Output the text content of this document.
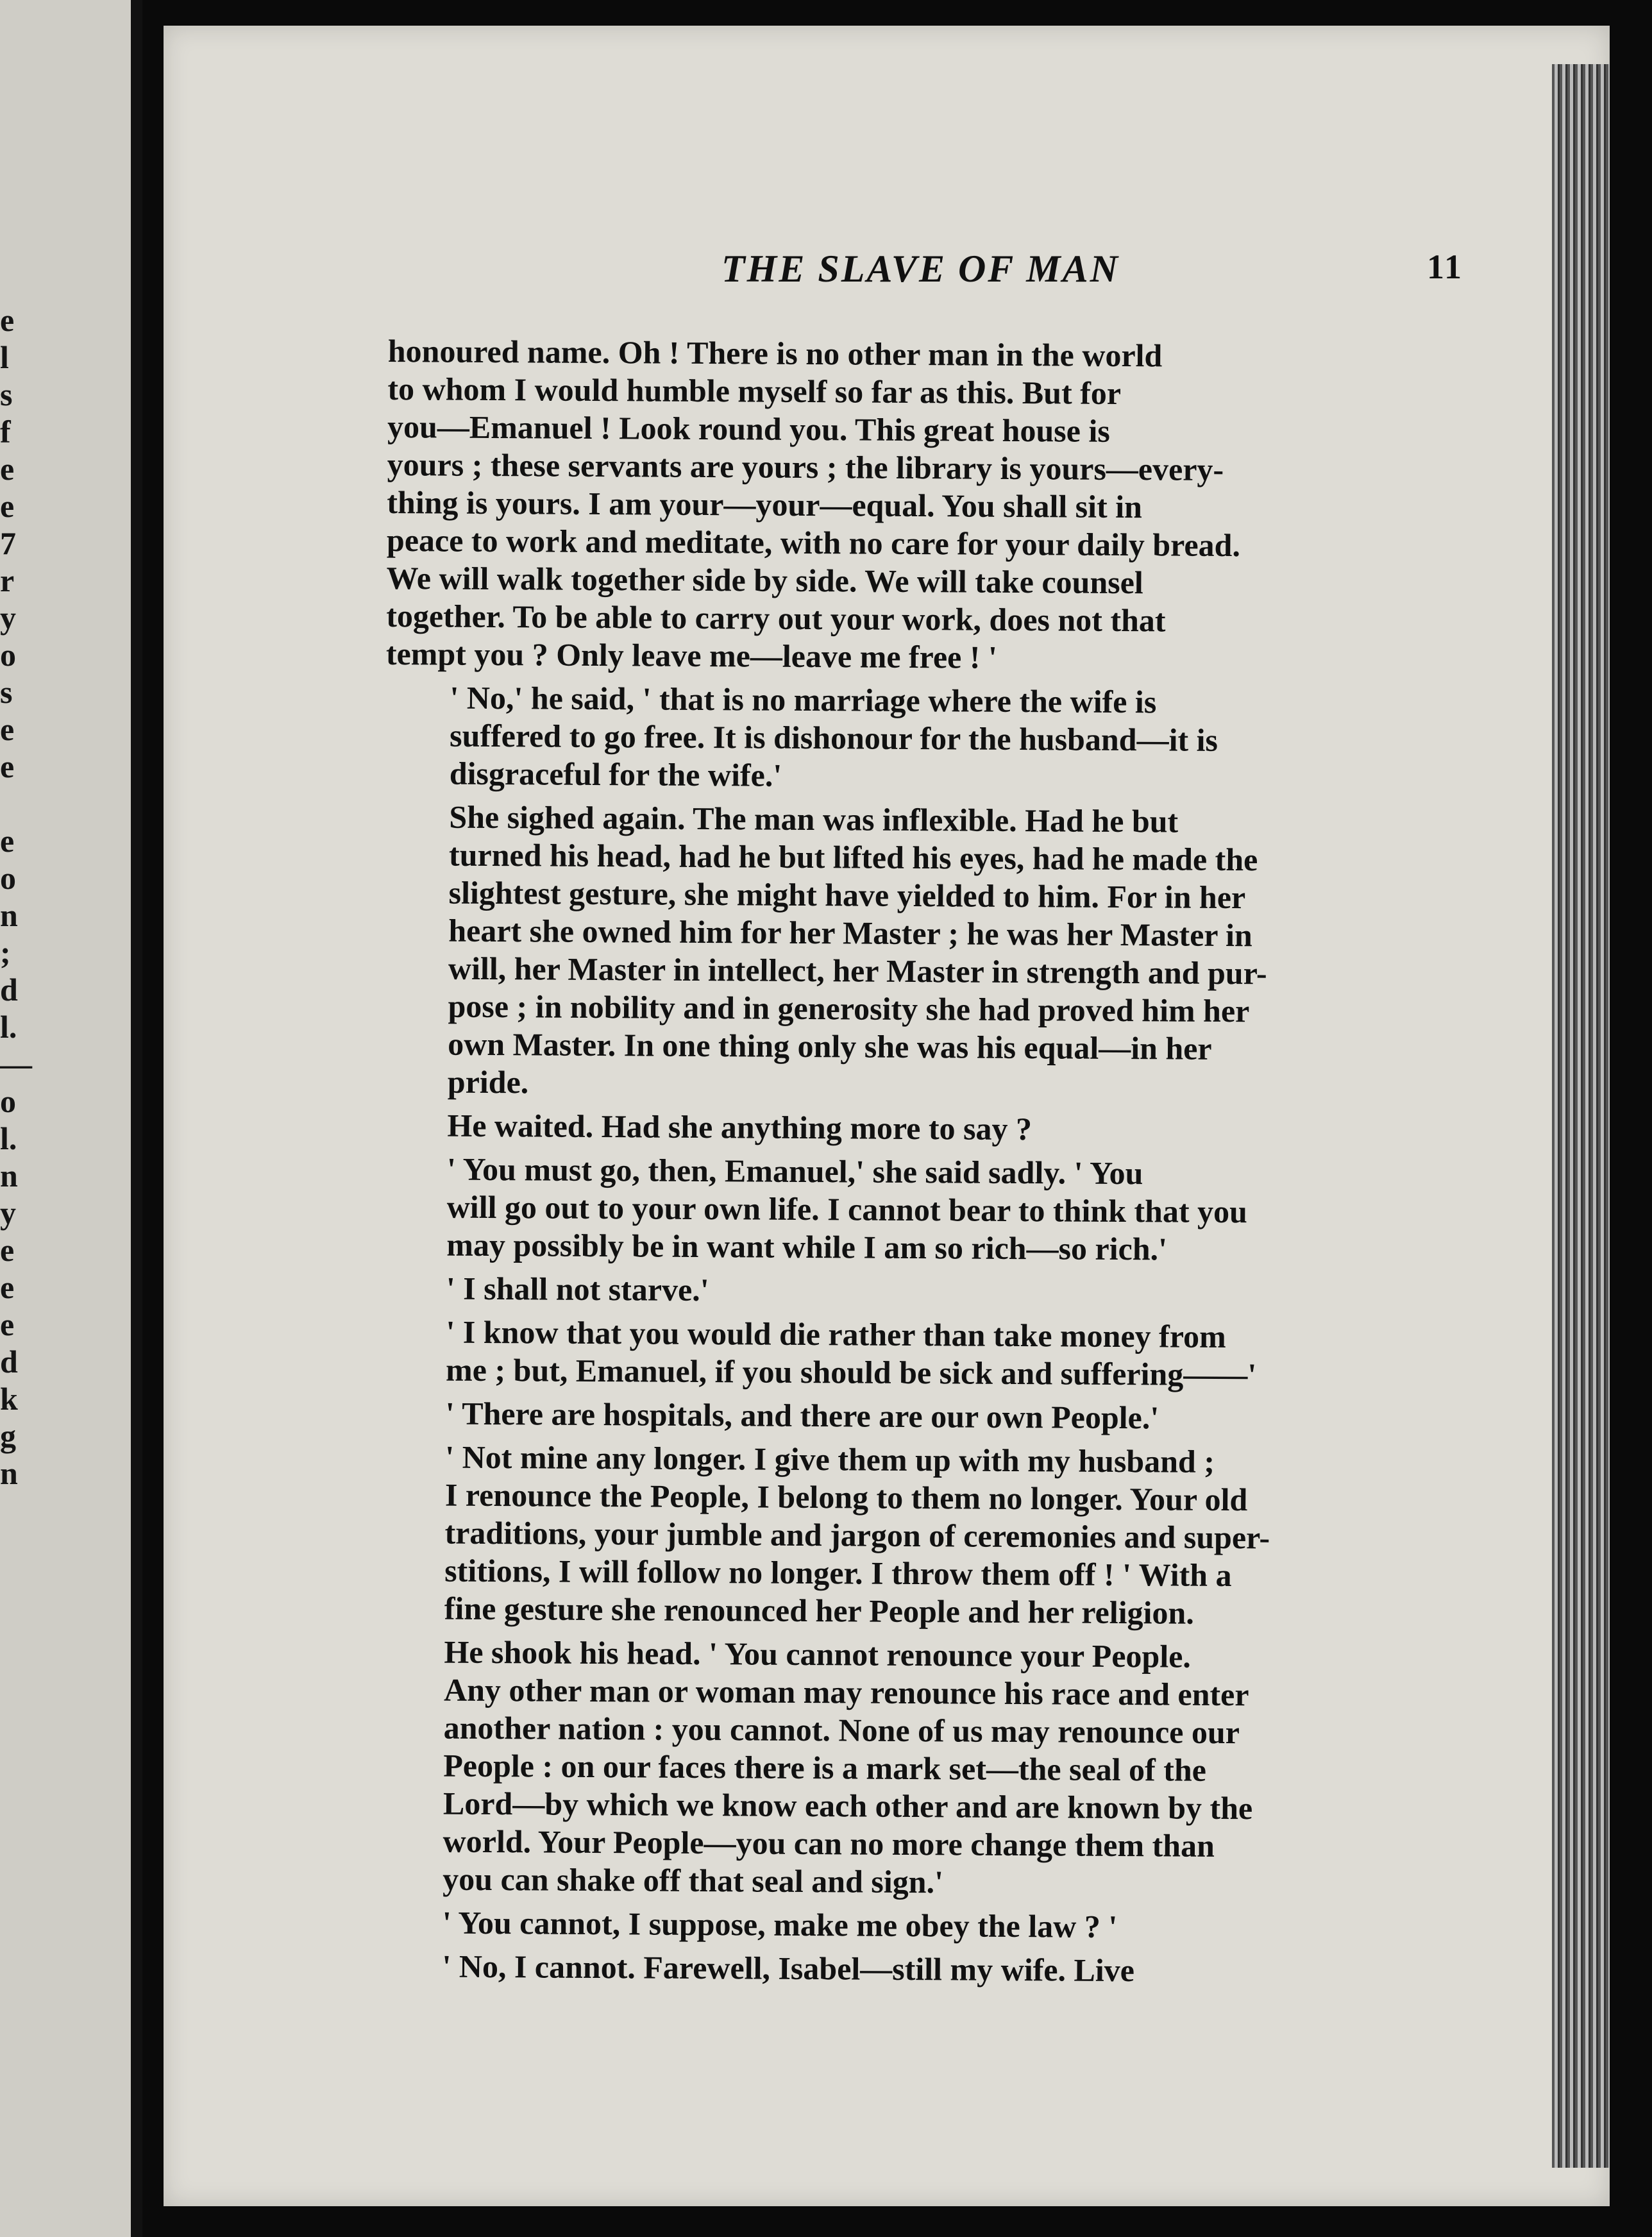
e
l
s
f
e
e
7
r
y
o
s
e
e
e
o
n
;
d
l.
—
o
l.
n
y
e
e
e
d
k
g
n
THE SLAVE OF MAN	11
honoured name. Oh ! There is no other man in the world
to whom I would humble myself so far as this. But for
you—Emanuel ! Look round you. This great house is
yours ; these servants are yours ; the library is yours—every-
thing is yours. I am your—your—equal. You shall sit in
peace to work and meditate, with no care for your daily bread.
We will walk together side by side. We will take counsel
together. To be able to carry out your work, does not that
tempt you ? Only leave me—leave me free ! '
' No,' he said, ' that is no marriage where the wife is
suffered to go free. It is dishonour for the husband—it is
disgraceful for the wife.'
She sighed again. The man was inflexible. Had he but
turned his head, had he but lifted his eyes, had he made the
slightest gesture, she might have yielded to him. For in her
heart she owned him for her Master ; he was her Master in
will, her Master in intellect, her Master in strength and pur-
pose ; in nobility and in generosity she had proved him her
own Master. In one thing only she was his equal—in her
pride.
He waited. Had she anything more to say ?
' You must go, then, Emanuel,' she said sadly. ' You
will go out to your own life. I cannot bear to think that you
may possibly be in want while I am so rich—so rich.'
' I shall not starve.'
' I know that you would die rather than take money from
me ; but, Emanuel, if you should be sick and suffering——'
' There are hospitals, and there are our own People.'
' Not mine any longer. I give them up with my husband ;
I renounce the People, I belong to them no longer. Your old
traditions, your jumble and jargon of ceremonies and super-
stitions, I will follow no longer. I throw them off ! ' With a
fine gesture she renounced her People and her religion.
He shook his head. ' You cannot renounce your People.
Any other man or woman may renounce his race and enter
another nation : you cannot. None of us may renounce our
People : on our faces there is a mark set—the seal of the
Lord—by which we know each other and are known by the
world. Your People—you can no more change them than
you can shake off that seal and sign.'
' You cannot, I suppose, make me obey the law ? '
' No, I cannot. Farewell, Isabel—still my wife. Live
